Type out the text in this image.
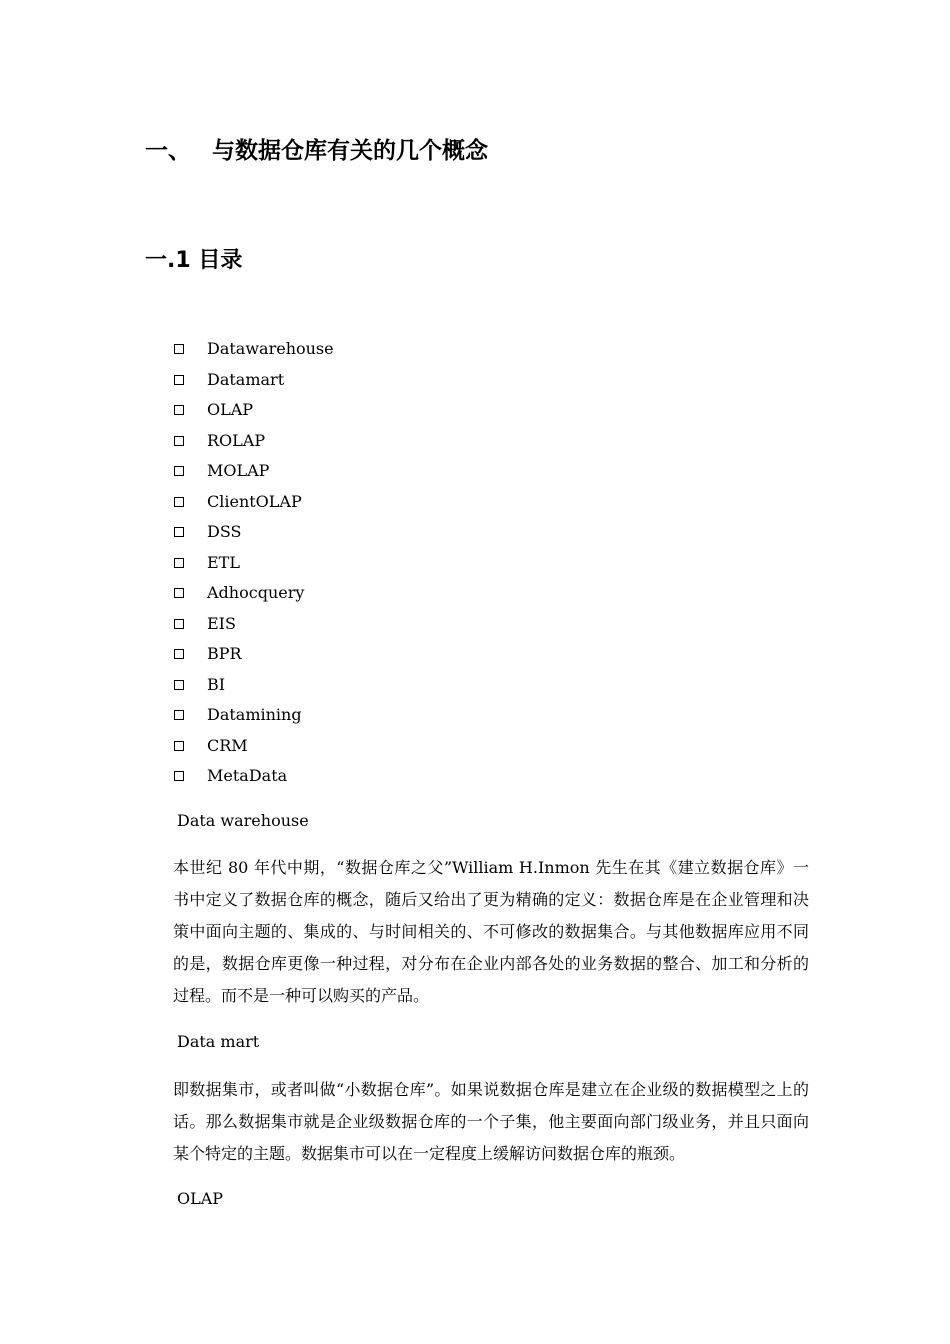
一、 与数据仓库有关的几个概念
一.1 目录
Datawarehouse
Datamart
OLAP
ROLAP
MOLAP
ClientOLAP
DSS
ETL
Adhocquery
EIS
BPR
BI
Datamining
CRM
MetaData
Data warehouse
本世纪 80 年代中期，“数据仓库之父”William H.Inmon 先生在其《建立数据仓库》一书中定义了数据仓库的概念，随后又给出了更为精确的定义：数据仓库是在企业管理和决策中面向主题的、集成的、与时间相关的、不可修改的数据集合。与其他数据库应用不同的是，数据仓库更像一种过程，对分布在企业内部各处的业务数据的整合、加工和分析的过程。而不是一种可以购买的产品。
Data mart
即数据集市，或者叫做“小数据仓库”。如果说数据仓库是建立在企业级的数据模型之上的话。那么数据集市就是企业级数据仓库的一个子集，他主要面向部门级业务，并且只面向某个特定的主题。数据集市可以在一定程度上缓解访问数据仓库的瓶颈。
OLAP
